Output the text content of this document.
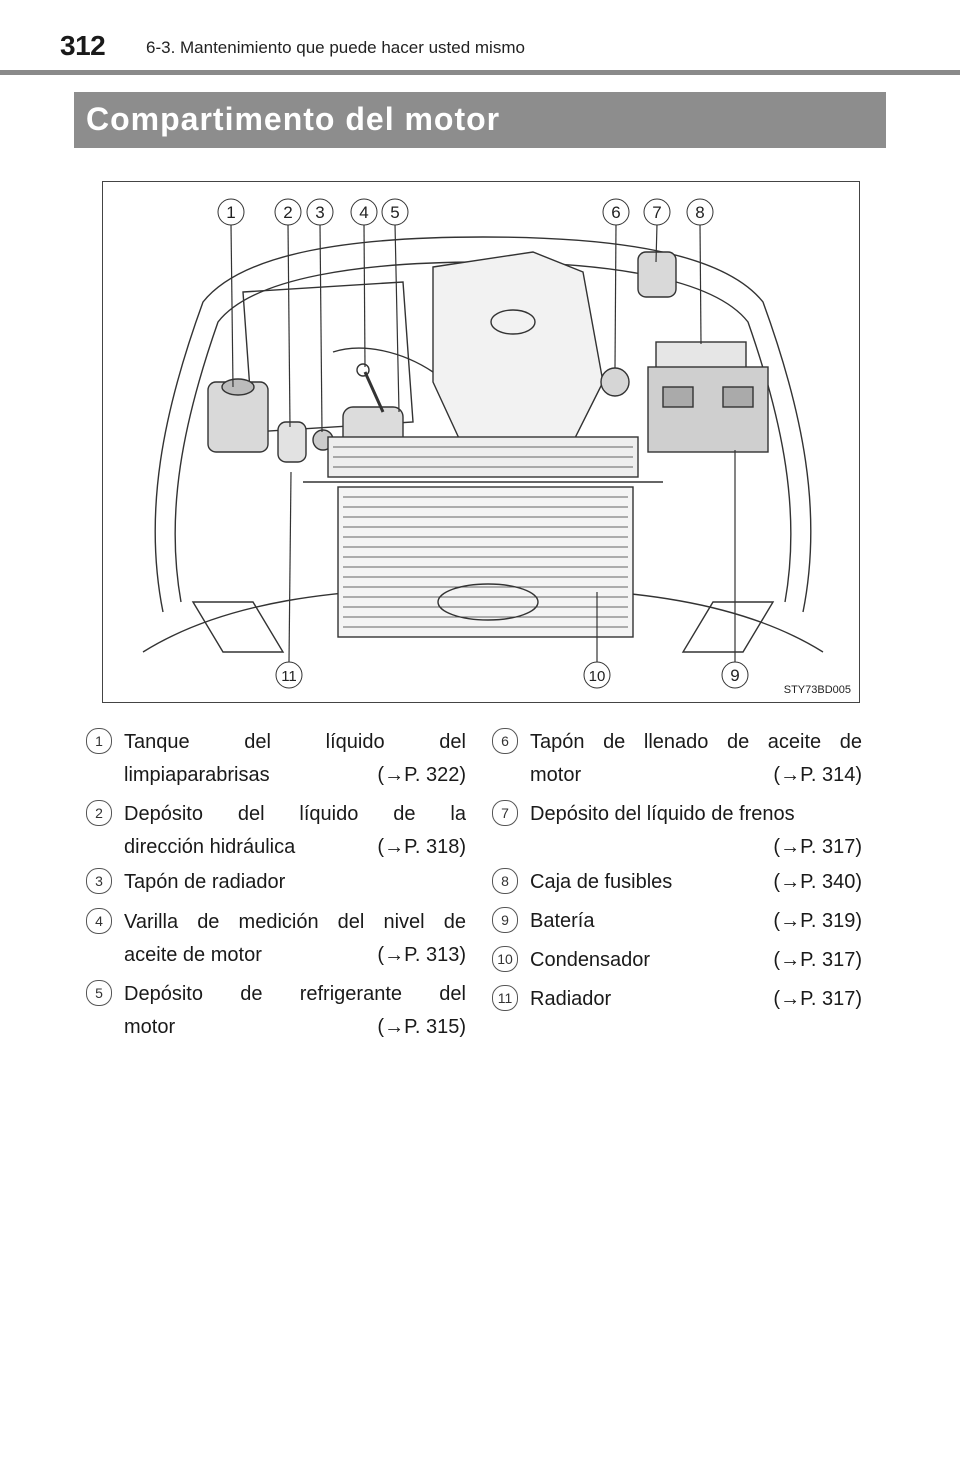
312 6-3. Mantenimiento que puede hacer usted mismo
Compartimento del motor
1	2 3 4 5	6 7 8
9
10
11
STY73BD005
1	Tanque	del	líquido	del
limpiaparabrisas	(→P. 322)
2	Depósito del líquido de la
dirección hidráulica	(→P. 318)
3	Tapón de radiador
4	Varilla de medición del nivel de
aceite de motor	(→P. 313)
5	Depósito de refrigerante del
motor	(→P. 315)
6	Tapón de llenado de aceite de
motor	(→P. 314)
7	Depósito del líquido de frenos
(→P. 317)
8	Caja de fusibles	(→P. 340)
9	Batería	(→P. 319)
10 Condensador	(→P. 317)
11 Radiador	(→P. 317)
